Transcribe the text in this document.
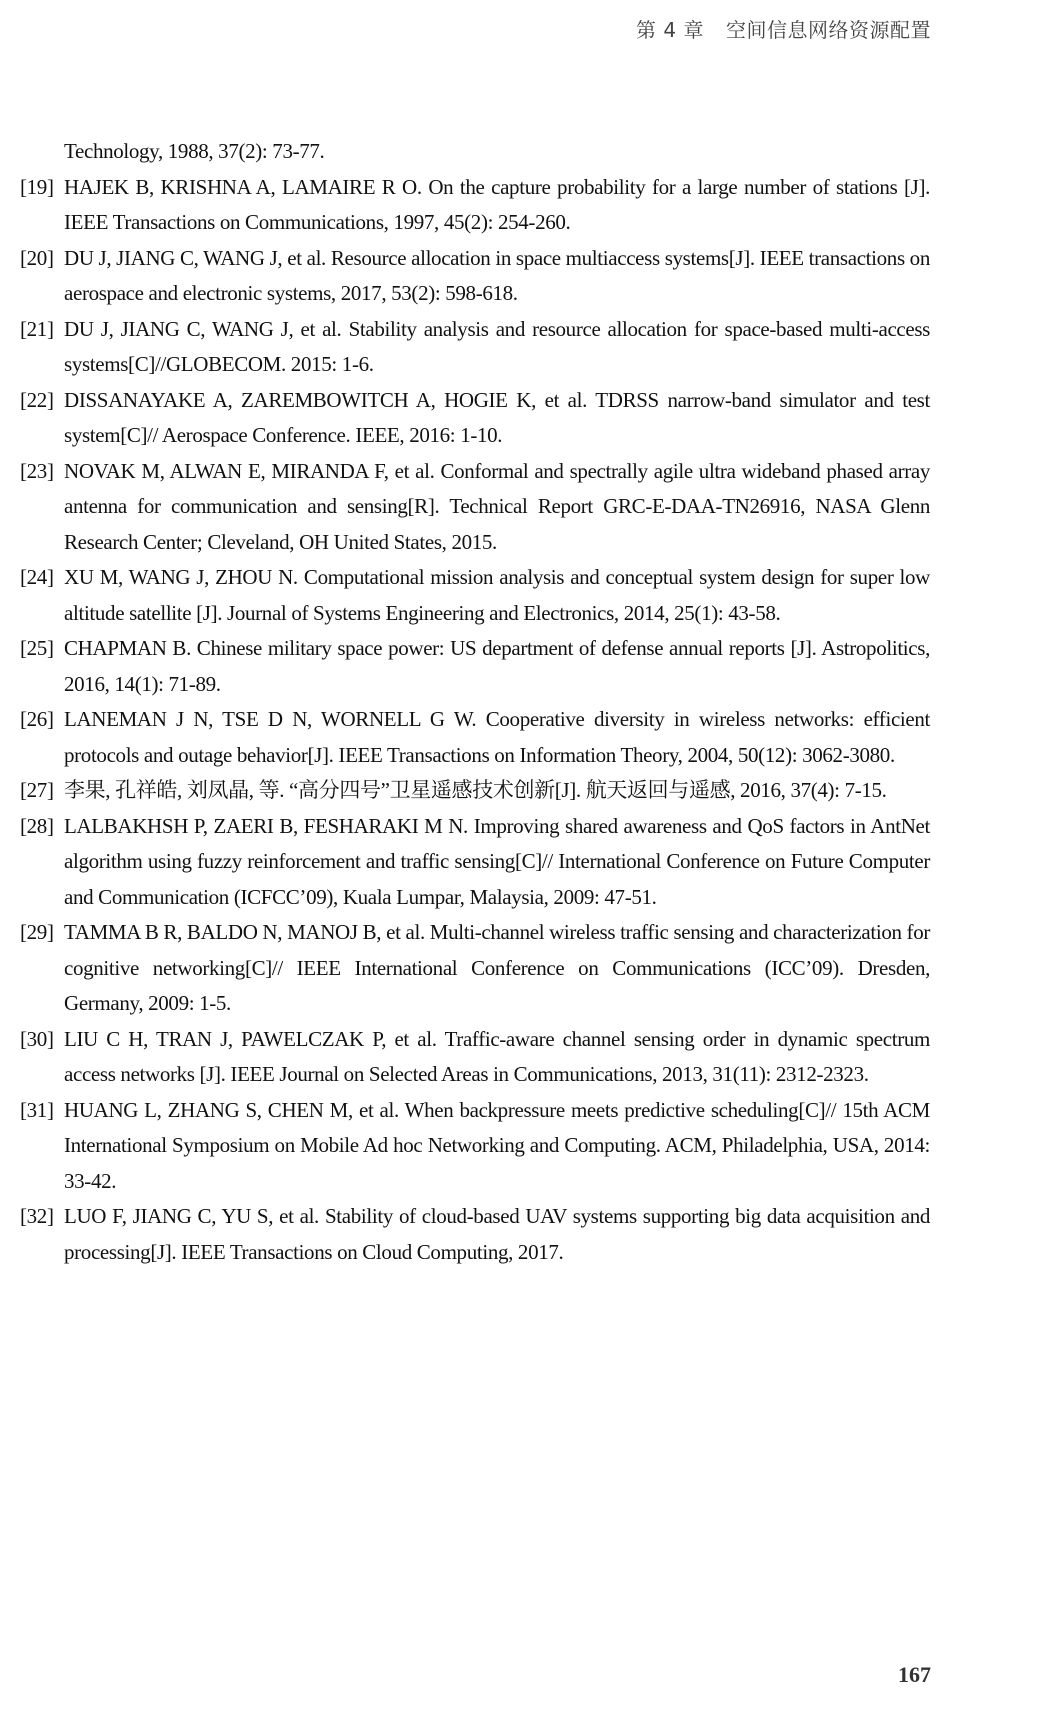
第 4 章 空间信息网络资源配置
Technology, 1988, 37(2): 73-77.
[19] HAJEK B, KRISHNA A, LAMAIRE R O. On the capture probability for a large number of stations [J]. IEEE Transactions on Communications, 1997, 45(2): 254-260.
[20] DU J, JIANG C, WANG J, et al. Resource allocation in space multiaccess systems[J]. IEEE transactions on aerospace and electronic systems, 2017, 53(2): 598-618.
[21] DU J, JIANG C, WANG J, et al. Stability analysis and resource allocation for space-based multi-access systems[C]//GLOBECOM. 2015: 1-6.
[22] DISSANAYAKE A, ZAREMBOWITCH A, HOGIE K, et al. TDRSS narrow-band simulator and test system[C]// Aerospace Conference. IEEE, 2016: 1-10.
[23] NOVAK M, ALWAN E, MIRANDA F, et al. Conformal and spectrally agile ultra wideband phased array antenna for communication and sensing[R]. Technical Report GRC-E-DAA-TN26916, NASA Glenn Research Center; Cleveland, OH United States, 2015.
[24] XU M, WANG J, ZHOU N. Computational mission analysis and conceptual system design for super low altitude satellite [J]. Journal of Systems Engineering and Electronics, 2014, 25(1): 43-58.
[25] CHAPMAN B. Chinese military space power: US department of defense annual reports [J]. Astropolitics, 2016, 14(1): 71-89.
[26] LANEMAN J N, TSE D N, WORNELL G W. Cooperative diversity in wireless networks: efficient protocols and outage behavior[J]. IEEE Transactions on Information Theory, 2004, 50(12): 3062-3080.
[27] 李果, 孔祥皓, 刘凤晶, 等. “高分四号”卫星遥感技术创新[J]. 航天返回与遥感, 2016, 37(4): 7-15.
[28] LALBAKHSH P, ZAERI B, FESHARAKI M N. Improving shared awareness and QoS factors in AntNet algorithm using fuzzy reinforcement and traffic sensing[C]// International Conference on Future Computer and Communication (ICFCC’09), Kuala Lumpar, Malaysia, 2009: 47-51.
[29] TAMMA B R, BALDO N, MANOJ B, et al. Multi-channel wireless traffic sensing and characterization for cognitive networking[C]// IEEE International Conference on Communications (ICC’09). Dresden, Germany, 2009: 1-5.
[30] LIU C H, TRAN J, PAWELCZAK P, et al. Traffic-aware channel sensing order in dynamic spectrum access networks [J]. IEEE Journal on Selected Areas in Communications, 2013, 31(11): 2312-2323.
[31] HUANG L, ZHANG S, CHEN M, et al. When backpressure meets predictive scheduling[C]// 15th ACM International Symposium on Mobile Ad hoc Networking and Computing. ACM, Philadelphia, USA, 2014: 33-42.
[32] LUO F, JIANG C, YU S, et al. Stability of cloud-based UAV systems supporting big data acquisition and processing[J]. IEEE Transactions on Cloud Computing, 2017.
167
